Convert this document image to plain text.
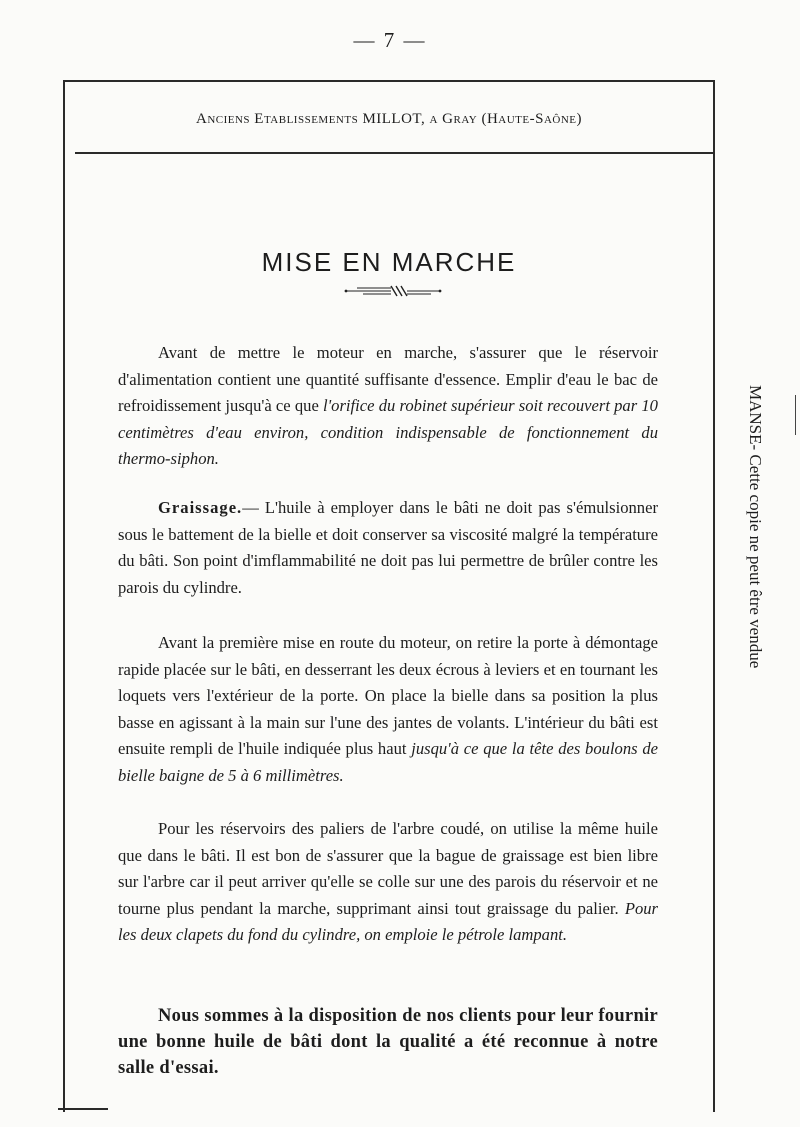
— 7 —
Anciens Etablissements MILLOT, a Gray (Haute-Saône)
MISE EN MARCHE

Avant de mettre le moteur en marche, s'assurer que le réservoir d'alimentation contient une quantité suffisante d'essence. Emplir d'eau le bac de refroidissement jusqu'à ce que l'orifice du robinet supérieur soit recouvert par 10 centimètres d'eau environ, condition indispensable de fonctionnement du thermo-siphon.

Graissage.— L'huile à employer dans le bâti ne doit pas s'émulsionner sous le battement de la bielle et doit conserver sa viscosité malgré la température du bâti. Son point d'imflammabilité ne doit pas lui permettre de brûler contre les parois du cylindre.

Avant la première mise en route du moteur, on retire la porte à démontage rapide placée sur le bâti, en desserrant les deux écrous à leviers et en tournant les loquets vers l'extérieur de la porte. On place la bielle dans sa position la plus basse en agissant à la main sur l'une des jantes de volants. L'intérieur du bâti est ensuite rempli de l'huile indiquée plus haut jusqu'à ce que la tête des boulons de bielle baigne de 5 à 6 millimètres.

Pour les réservoirs des paliers de l'arbre coudé, on utilise la même huile que dans le bâti. Il est bon de s'assurer que la bague de graissage est bien libre sur l'arbre car il peut arriver qu'elle se colle sur une des parois du réservoir et ne tourne plus pendant la marche, supprimant ainsi tout graissage du palier. Pour les deux clapets du fond du cylindre, on emploie le pétrole lampant.

Nous sommes à la disposition de nos clients pour leur fournir une bonne huile de bâti dont la qualité a été reconnue à notre salle d'essai.

MANSE- Cette copie ne peut être vendue
